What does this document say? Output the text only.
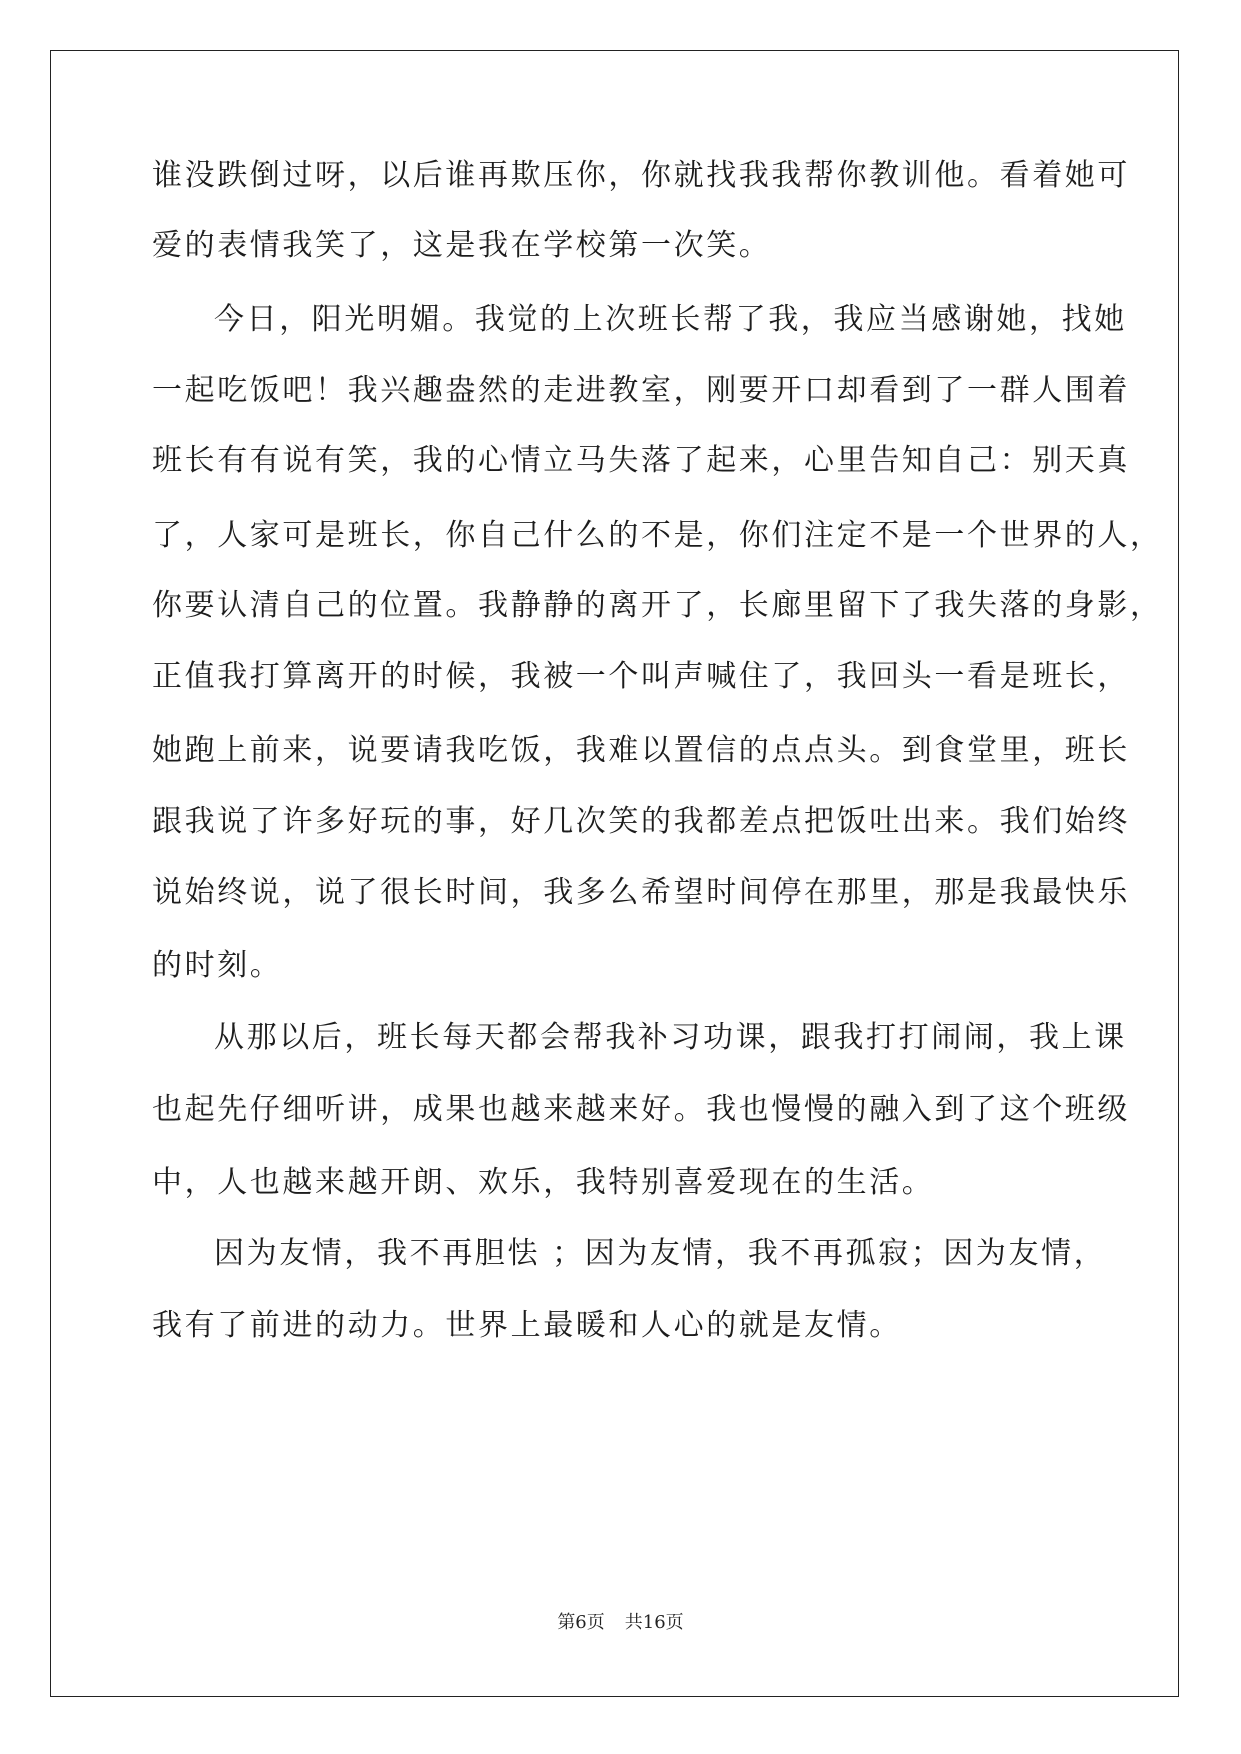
谁没跌倒过呀，以后谁再欺压你，你就找我我帮你教训他。看着她可
爱的表情我笑了，这是我在学校第一次笑。
今日，阳光明媚。我觉的上次班长帮了我，我应当感谢她，找她
一起吃饭吧！我兴趣盎然的走进教室，刚要开口却看到了一群人围着
班长有有说有笑，我的心情立马失落了起来，心里告知自己：别天真
了，人家可是班长，你自己什么的不是，你们注定不是一个世界的人，
你要认清自己的位置。我静静的离开了，长廊里留下了我失落的身影，
正值我打算离开的时候，我被一个叫声喊住了，我回头一看是班长，
她跑上前来，说要请我吃饭，我难以置信的点点头。到食堂里，班长
跟我说了许多好玩的事，好几次笑的我都差点把饭吐出来。我们始终
说始终说，说了很长时间，我多么希望时间停在那里，那是我最快乐
的时刻。
从那以后，班长每天都会帮我补习功课，跟我打打闹闹，我上课
也起先仔细听讲，成果也越来越来好。我也慢慢的融入到了这个班级
中，人也越来越开朗、欢乐，我特别喜爱现在的生活。
因为友情，我不再胆怯 ；因为友情，我不再孤寂；因为友情，
我有了前进的动力。世界上最暖和人心的就是友情。
第6页 共16页
